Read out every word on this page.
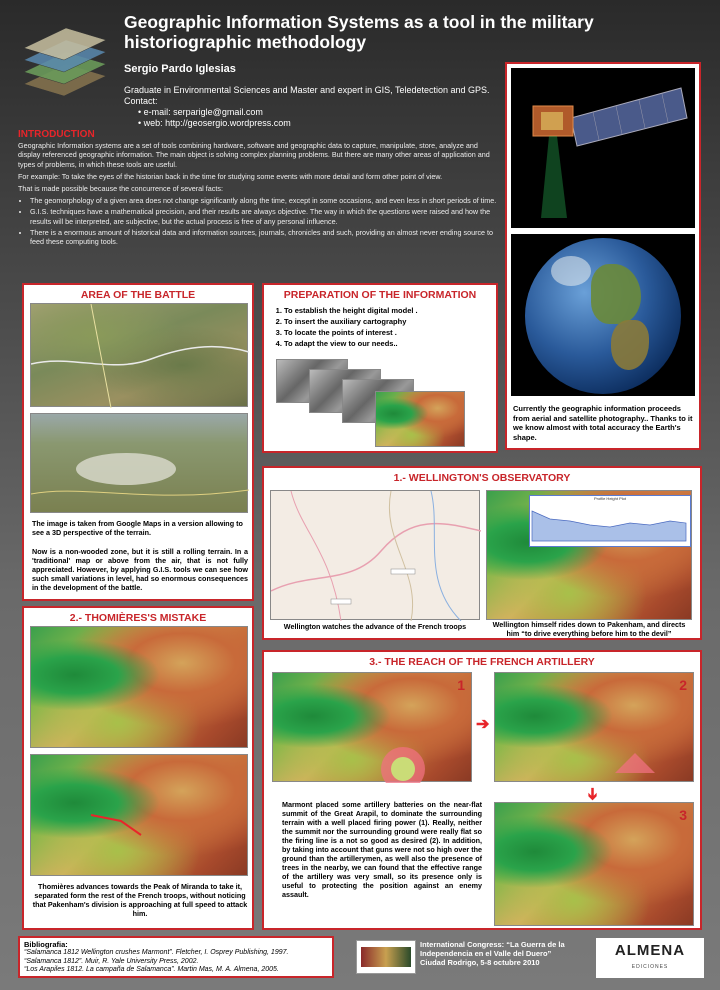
Geographic Information Systems as a tool in the military historiographic methodology
Sergio Pardo Iglesias
Graduate in Environmental Sciences and Master and expert in GIS, Teledetection and GPS.
Contact:
• e-mail: serparigle@gmail.com
• web: http://geosergio.wordpress.com
INTRODUCTION

Geographic Information systems are a set of tools combining hardware, software and geographic data to capture, manipulate, store, analyze and display referenced geographic information. The main object is solving complex planning problems. But there are many other areas of application and types of problems, in which these tools are useful.

For example: To take the eyes of the historian back in the time for studying some events with more detail and form other point of view.

That is made possible because the concurrence of several facts:

• The geomorphology of a given area does not change significantly along the time, except in some occasions, and even less in short periods of time.
• G.I.S. techniques have a mathematical precision, and their results are always objective. The way in which the questions were raised and how the results will be interpreted, are subjective, but the actual process is free of any personal influence.
• There is a enormous amount of historical data and information sources, journals, chronicles and such, providing an almost never ending source to feed these computing tools.
Currently the geographic information proceeds from aerial and satellite photography.. Thanks to it we know almost with total accuracy the Earth's shape.
AREA OF THE BATTLE
The image is taken from Google Maps in a version allowing to see a 3D perspective of the terrain.
Now is a non-wooded zone, but it is still a rolling terrain. In a 'traditional' map or above from the air, that is not fully appreciated. However, by applying G.I.S. tools we can see how such small variations in level, had so enormous consequences in the development of the battle.
PREPARATION OF THE INFORMATION
1. To establish the height digital model .
2. To insert the auxiliary cartography
3. To locate the points of interest .
4. To adapt the view to our needs..
1.- WELLINGTON'S OBSERVATORY
Profile Height Plot
Wellington watches the advance of the French troops	Wellington himself rides down to Pakenham, and directs him “to drive everything before him to the devil”
2.- THOMIÈRES'S MISTAKE
Thomières advances towards the Peak of Miranda to take it, separated form the rest of the French troops, without noticing that Pakenham's division is approaching at full speed to attack him.
3.- THE REACH OF THE FRENCH ARTILLERY
1
➔
2
➔
3
Marmont placed some artillery batteries on the near-flat summit of the Great Arapil, to dominate the surrounding terrain with a well placed firing power (1). Really, neither the summit nor the surrounding ground were really flat so the firing line is a not so good as desired (2). In addition, by taking into account that guns were not so high over the ground than the artillerymen, as well also the presence of trees in the nearby, we can found that the effective range of the artillery was very small, so its presence only is useful to protecting the position against an enemy assault.
Bibliografia:
“Salamanca 1812 Wellington crushes Marmont”. Fletcher, I. Osprey Publishing, 1997.
“Salamanca 1812”. Muir, R. Yale University Press, 2002.
“Los Arapiles 1812. La campaña de Salamanca”. Martin Mas, M. A. Almena, 2005.
International Congress: “La Guerra de la Independencia en el Valle del Duero”
Ciudad Rodrigo, 5-8 octubre 2010
ALMENA
EDICIONES
